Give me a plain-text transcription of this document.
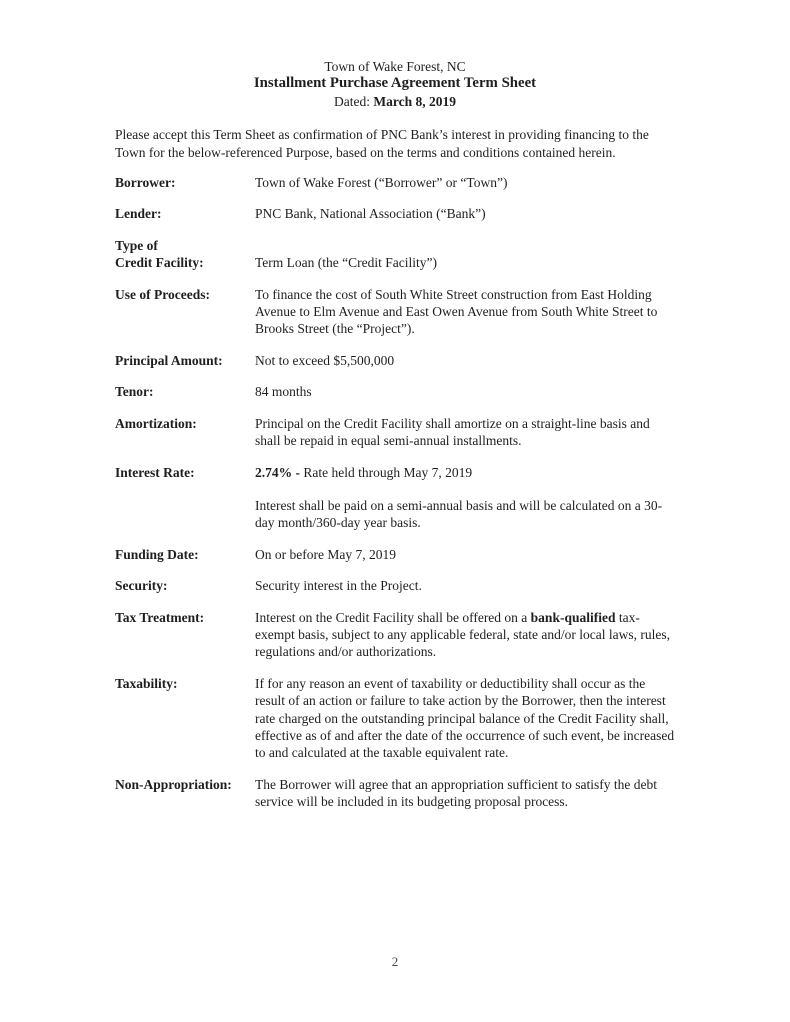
Town of Wake Forest, NC
Installment Purchase Agreement Term Sheet
Dated: March 8, 2019

Please accept this Term Sheet as confirmation of PNC Bank’s interest in providing financing to the Town for the below-referenced Purpose, based on the terms and conditions contained herein.

Borrower:	Town of Wake Forest (“Borrower” or “Town”)

Lender:	PNC Bank, National Association (“Bank”)

Type of
Credit Facility:	Term Loan (the “Credit Facility”)

Use of Proceeds:	To finance the cost of South White Street construction from East Holding Avenue to Elm Avenue and East Owen Avenue from South White Street to Brooks Street (the “Project”).

Principal Amount:	Not to exceed $5,500,000

Tenor:	84 months

Amortization:	Principal on the Credit Facility shall amortize on a straight-line basis and shall be repaid in equal semi-annual installments.

Interest Rate:	2.74% - Rate held through May 7, 2019

Interest shall be paid on a semi-annual basis and will be calculated on a 30-day month/360-day year basis.

Funding Date:	On or before May 7, 2019

Security:	Security interest in the Project.

Tax Treatment:	Interest on the Credit Facility shall be offered on a bank-qualified tax-exempt basis, subject to any applicable federal, state and/or local laws, rules, regulations and/or authorizations.

Taxability:	If for any reason an event of taxability or deductibility shall occur as the result of an action or failure to take action by the Borrower, then the interest rate charged on the outstanding principal balance of the Credit Facility shall, effective as of and after the date of the occurrence of such event, be increased to and calculated at the taxable equivalent rate.

Non-Appropriation:	The Borrower will agree that an appropriation sufficient to satisfy the debt service will be included in its budgeting proposal process.

2
